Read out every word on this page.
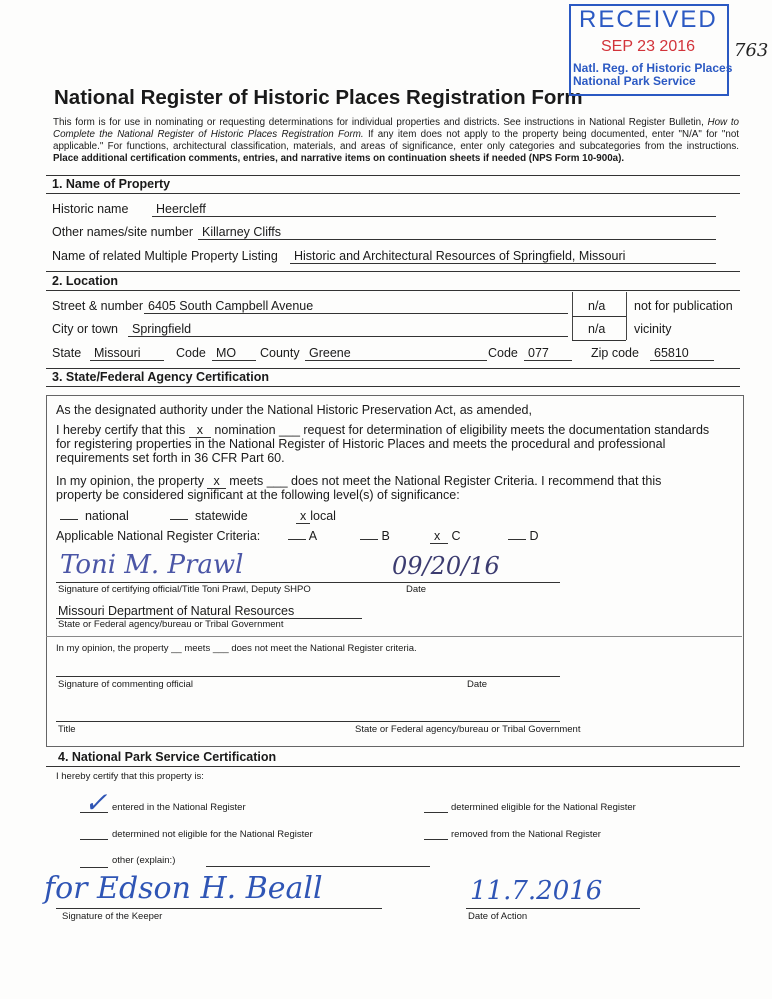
National Register of Historic Places Registration Form
RECEIVED
SEP 23 2016
Natl. Reg. of Historic Places
National Park Service
763
This form is for use in nominating or requesting determinations for individual properties and districts. See instructions in National Register Bulletin, How to Complete the National Register of Historic Places Registration Form. If any item does not apply to the property being documented, enter "N/A" for "not applicable." For functions, architectural classification, materials, and areas of significance, enter only categories and subcategories from the instructions. Place additional certification comments, entries, and narrative items on continuation sheets if needed (NPS Form 10-900a).
1. Name of Property
Historic name	Heercleff
Other names/site number Killarney Cliffs
Name of related Multiple Property Listing	Historic and Architectural Resources of Springfield, Missouri
2. Location
Street & number 6405 South Campbell Avenue	n/a not for publication
City or town	Springfield	n/a vicinity
State	Missouri	Code MO	County Greene	Code 077	Zip code	65810
3. State/Federal Agency Certification
As the designated authority under the National Historic Preservation Act, as amended,
I hereby certify that this x nomination ___ request for determination of eligibility meets the documentation standards
for registering properties in the National Register of Historic Places and meets the procedural and professional
requirements set forth in 36 CFR Part 60.
In my opinion, the property x meets ___ does not meet the National Register Criteria. I recommend that this
property be considered significant at the following level(s) of significance:
national	statewide	x local
Applicable National Register Criteria:	A	B	x C	D
Toni M. Prawl	09/20/16
Signature of certifying official/Title Toni Prawl, Deputy SHPO	Date
Missouri Department of Natural Resources
State or Federal agency/bureau or Tribal Government
In my opinion, the property __ meets ___ does not meet the National Register criteria.
Signature of commenting official	Date
Title	State or Federal agency/bureau or Tribal Government
4. National Park Service Certification
I hereby certify that this property is:
✓ entered in the National Register	determined eligible for the National Register
determined not eligible for the National Register	removed from the National Register
other (explain:)
for Edson H. Beall	11.7.2016
Signature of the Keeper	Date of Action
